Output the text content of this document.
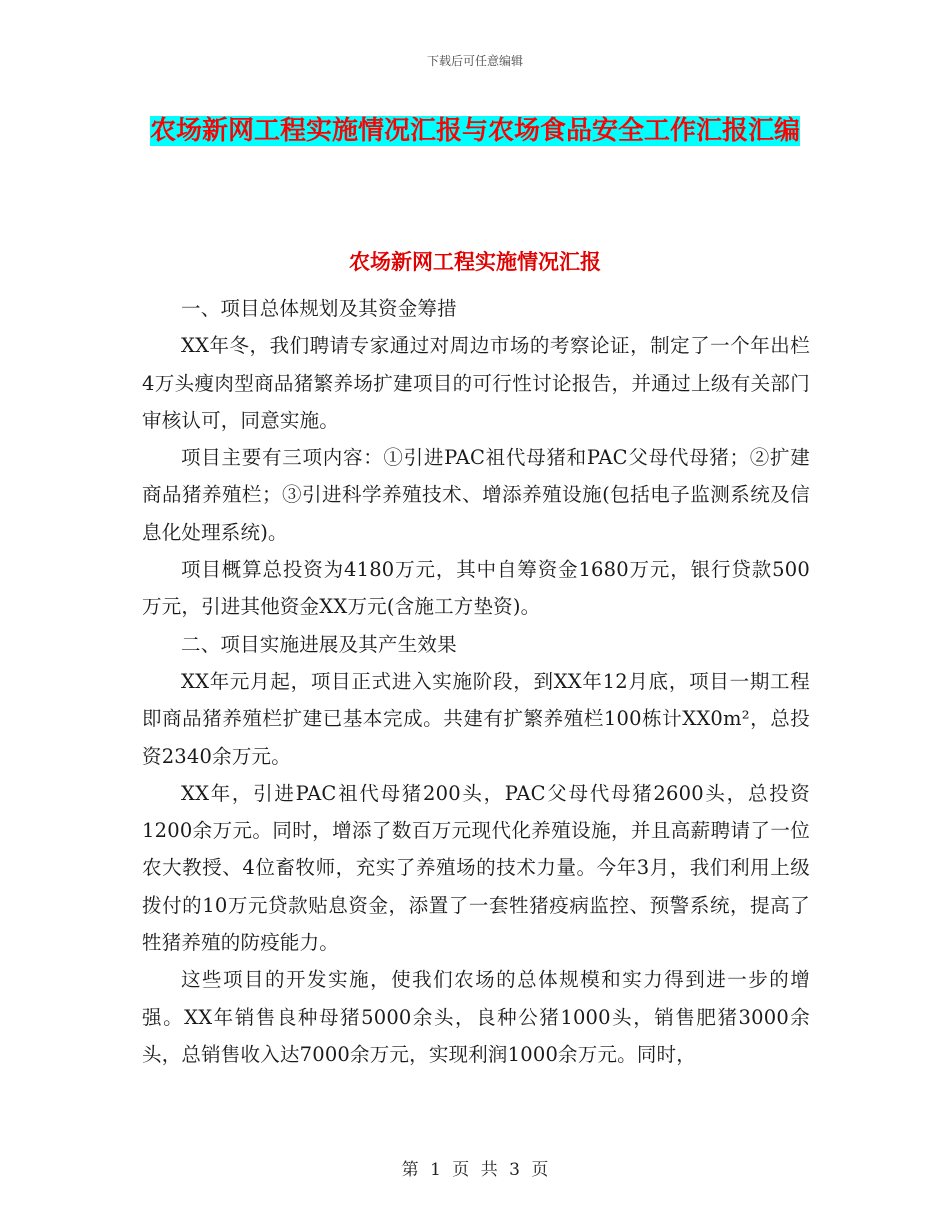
下载后可任意编辑
农场新网工程实施情况汇报与农场食品安全工作汇报汇编
农场新网工程实施情况汇报

一、项目总体规划及其资金筹措

XX年冬，我们聘请专家通过对周边市场的考察论证，制定了一个年出栏4万头瘦肉型商品猪繁养场扩建项目的可行性讨论报告，并通过上级有关部门审核认可，同意实施。

项目主要有三项内容：①引进PAC祖代母猪和PAC父母代母猪；②扩建商品猪养殖栏；③引进科学养殖技术、增添养殖设施(包括电子监测系统及信息化处理系统)。

项目概算总投资为4180万元，其中自筹资金1680万元，银行贷款500万元，引进其他资金XX万元(含施工方垫资)。

二、项目实施进展及其产生效果

XX年元月起，项目正式进入实施阶段，到XX年12月底，项目一期工程即商品猪养殖栏扩建已基本完成。共建有扩繁养殖栏100栋计XX0m²，总投资2340余万元。

XX年，引进PAC祖代母猪200头，PAC父母代母猪2600头，总投资1200余万元。同时，增添了数百万元现代化养殖设施，并且高薪聘请了一位农大教授、4位畜牧师，充实了养殖场的技术力量。今年3月，我们利用上级拨付的10万元贷款贴息资金，添置了一套牲猪疫病监控、预警系统，提高了牲猪养殖的防疫能力。

这些项目的开发实施，使我们农场的总体规模和实力得到进一步的增强。XX年销售良种母猪5000余头，良种公猪1000头，销售肥猪3000余头，总销售收入达7000余万元，实现利润1000余万元。同时，

第 1 页 共 3 页
